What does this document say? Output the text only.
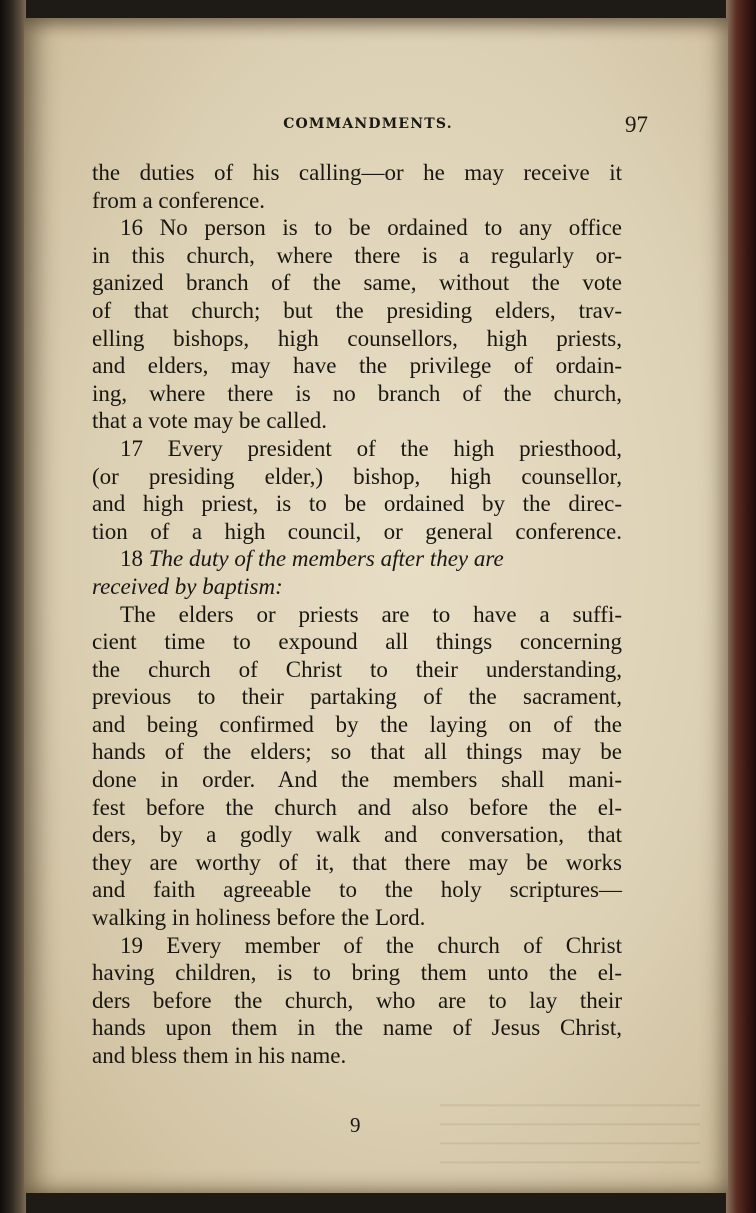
COMMANDMENTS.	97
the duties of his calling—or he may receive it
from a conference.
16 No person is to be ordained to any office
in this church, where there is a regularly or-
ganized branch of the same, without the vote
of that church; but the presiding elders, trav-
elling bishops, high counsellors, high priests,
and elders, may have the privilege of ordain-
ing, where there is no branch of the church,
that a vote may be called.
17 Every president of the high priesthood,
(or presiding elder,) bishop, high counsellor,
and high priest, is to be ordained by the direc-
tion of a high council, or general conference.
18 The duty of the members after they are
received by baptism:
The elders or priests are to have a suffi-
cient time to expound all things concerning
the church of Christ to their understanding,
previous to their partaking of the sacrament,
and being confirmed by the laying on of the
hands of the elders; so that all things may be
done in order. And the members shall mani-
fest before the church and also before the el-
ders, by a godly walk and conversation, that
they are worthy of it, that there may be works
and faith agreeable to the holy scriptures—
walking in holiness before the Lord.
19 Every member of the church of Christ
having children, is to bring them unto the el-
ders before the church, who are to lay their
hands upon them in the name of Jesus Christ,
and bless them in his name.
9
